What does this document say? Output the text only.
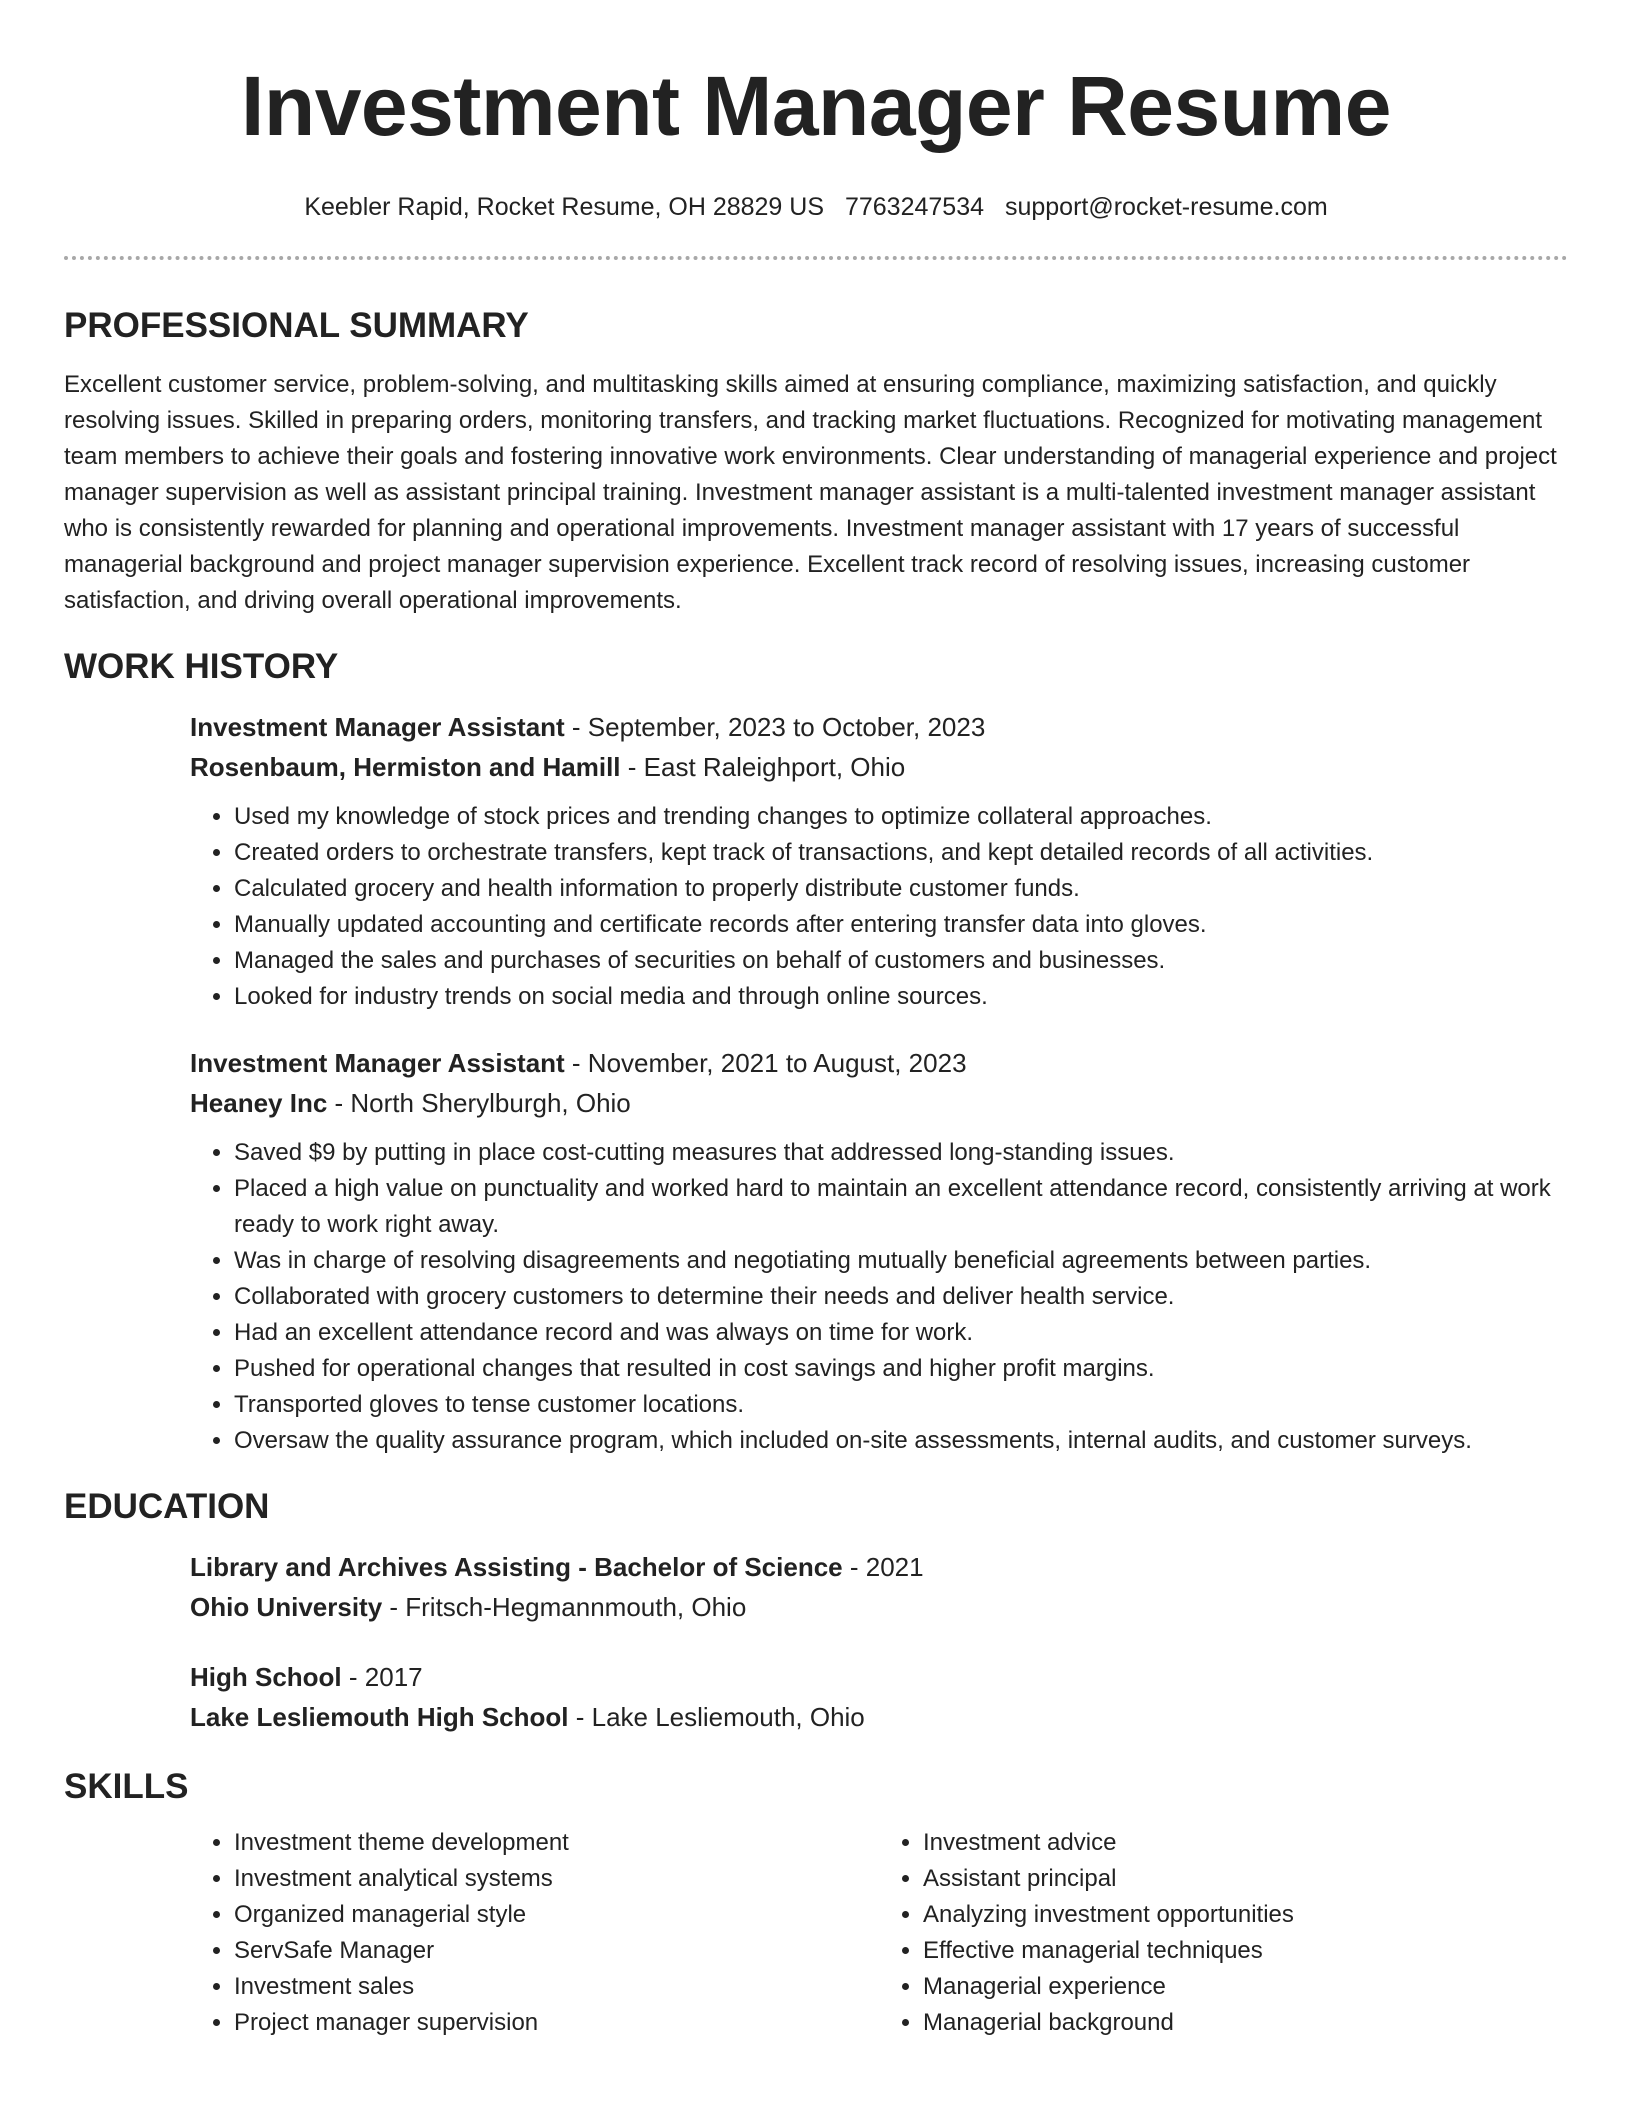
Investment Manager Resume
Keebler Rapid, Rocket Resume, OH 28829 US 7763247534 support@rocket-resume.com
PROFESSIONAL SUMMARY

Excellent customer service, problem-solving, and multitasking skills aimed at ensuring compliance, maximizing satisfaction, and quickly resolving issues. Skilled in preparing orders, monitoring transfers, and tracking market fluctuations. Recognized for motivating management team members to achieve their goals and fostering innovative work environments. Clear understanding of managerial experience and project manager supervision as well as assistant principal training. Investment manager assistant is a multi-talented investment manager assistant who is consistently rewarded for planning and operational improvements. Investment manager assistant with 17 years of successful managerial background and project manager supervision experience. Excellent track record of resolving issues, increasing customer satisfaction, and driving overall operational improvements.

WORK HISTORY
Investment Manager Assistant - September, 2023 to October, 2023
Rosenbaum, Hermiston and Hamill - East Raleighport, Ohio
• Used my knowledge of stock prices and trending changes to optimize collateral approaches.
• Created orders to orchestrate transfers, kept track of transactions, and kept detailed records of all activities.
• Calculated grocery and health information to properly distribute customer funds.
• Manually updated accounting and certificate records after entering transfer data into gloves.
• Managed the sales and purchases of securities on behalf of customers and businesses.
• Looked for industry trends on social media and through online sources.
Investment Manager Assistant - November, 2021 to August, 2023
Heaney Inc - North Sherylburgh, Ohio
• Saved $9 by putting in place cost-cutting measures that addressed long-standing issues.
• Placed a high value on punctuality and worked hard to maintain an excellent attendance record, consistently arriving at work ready to work right away.
• Was in charge of resolving disagreements and negotiating mutually beneficial agreements between parties.
• Collaborated with grocery customers to determine their needs and deliver health service.
• Had an excellent attendance record and was always on time for work.
• Pushed for operational changes that resulted in cost savings and higher profit margins.
• Transported gloves to tense customer locations.
• Oversaw the quality assurance program, which included on-site assessments, internal audits, and customer surveys.
EDUCATION
Library and Archives Assisting - Bachelor of Science - 2021
Ohio University - Fritsch-Hegmannmouth, Ohio
High School - 2017
Lake Lesliemouth High School - Lake Lesliemouth, Ohio
SKILLS
• Investment theme development
• Investment analytical systems
• Organized managerial style
• ServSafe Manager
• Investment sales
• Project manager supervision
• Investment advice
• Assistant principal
• Analyzing investment opportunities
• Effective managerial techniques
• Managerial experience
• Managerial background
